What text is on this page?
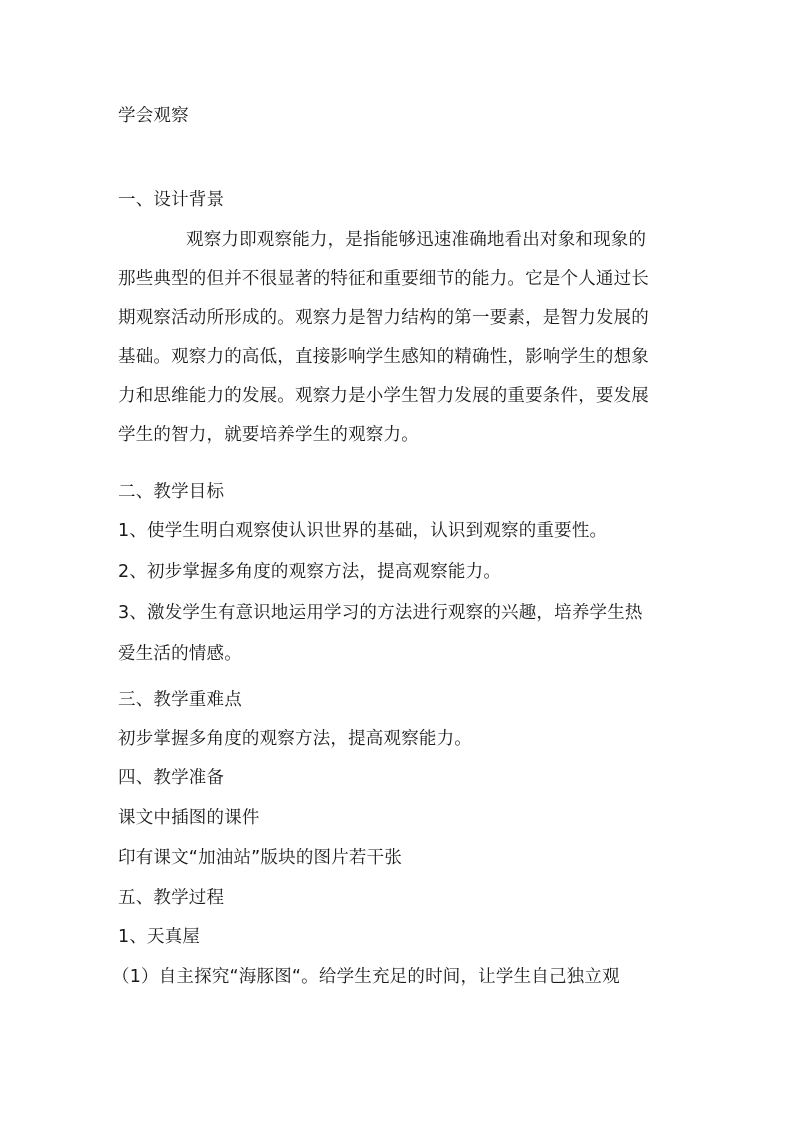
学会观察
一、设计背景
观察力即观察能力，是指能够迅速准确地看出对象和现象的
那些典型的但并不很显著的特征和重要细节的能力。它是个人通过长
期观察活动所形成的。观察力是智力结构的第一要素，是智力发展的
基础。观察力的高低，直接影响学生感知的精确性，影响学生的想象
力和思维能力的发展。观察力是小学生智力发展的重要条件，要发展
学生的智力，就要培养学生的观察力。
二、教学目标
1、使学生明白观察使认识世界的基础，认识到观察的重要性。
2、初步掌握多角度的观察方法，提高观察能力。
3、激发学生有意识地运用学习的方法进行观察的兴趣，培养学生热
爱生活的情感。
三、教学重难点
初步掌握多角度的观察方法，提高观察能力。
四、教学准备
课文中插图的课件
印有课文“加油站”版块的图片若干张
五、教学过程
1、天真屋
（1）自主探究“海豚图“。给学生充足的时间，让学生自己独立观
